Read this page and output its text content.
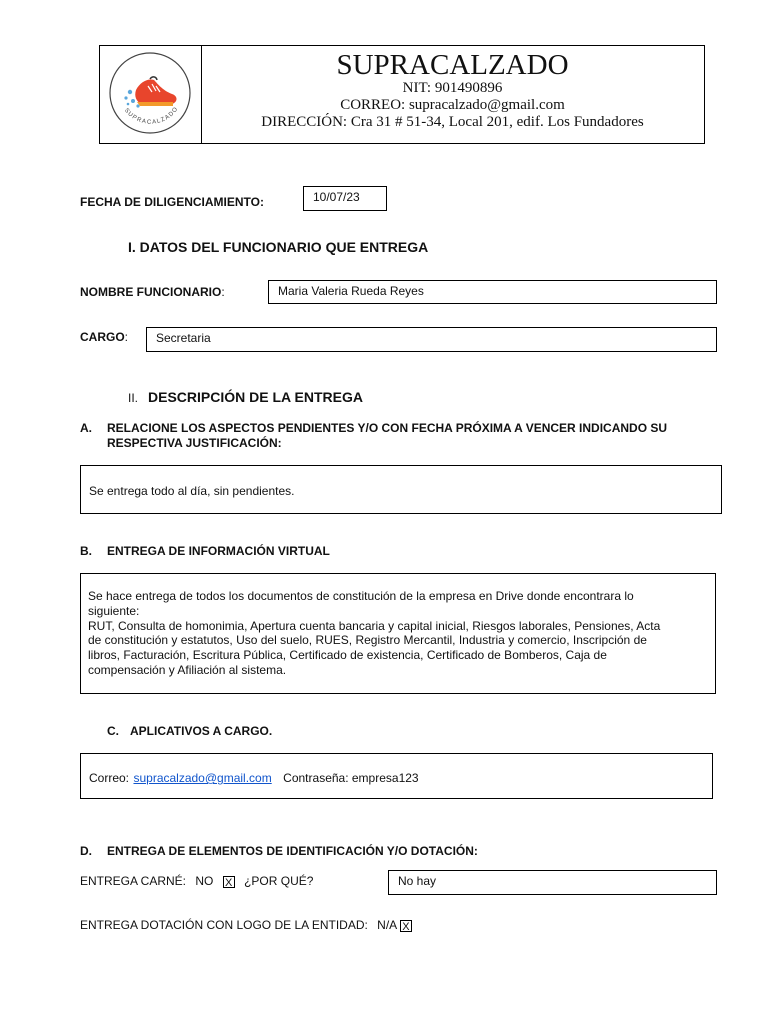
SUPRACALZADO
SUPRACALZADO
NIT: 901490896
CORREO: supracalzado@gmail.com
DIRECCIÓN: Cra 31 # 51-34, Local 201, edif. Los Fundadores
FECHA DE DILIGENCIAMIENTO:	10/07/23
I. DATOS DEL FUNCIONARIO QUE ENTREGA
NOMBRE FUNCIONARIO:	Maria Valeria Rueda Reyes
CARGO:	Secretaria
II. DESCRIPCIÓN DE LA ENTREGA
A. RELACIONE LOS ASPECTOS PENDIENTES Y/O CON FECHA PRÓXIMA A VENCER INDICANDO SU
RESPECTIVA JUSTIFICACIÓN:
Se entrega todo al día, sin pendientes.
B. ENTREGA DE INFORMACIÓN VIRTUAL
Se hace entrega de todos los documentos de constitución de la empresa en Drive donde encontrara lo
siguiente:
RUT, Consulta de homonimia, Apertura cuenta bancaria y capital inicial, Riesgos laborales, Pensiones, Acta
de constitución y estatutos, Uso del suelo, RUES, Registro Mercantil, Industria y comercio, Inscripción de
libros, Facturación, Escritura Pública, Certificado de existencia, Certificado de Bomberos, Caja de
compensación y Afiliación al sistema.
C. APLICATIVOS A CARGO.
Correo: supracalzado@gmail.com Contraseña: empresa123
D. ENTREGA DE ELEMENTOS DE IDENTIFICACIÓN Y/O DOTACIÓN:
ENTREGA CARNÉ: NO X ¿POR QUÉ?	No hay
ENTREGA DOTACIÓN CON LOGO DE LA ENTIDAD: N/A X
